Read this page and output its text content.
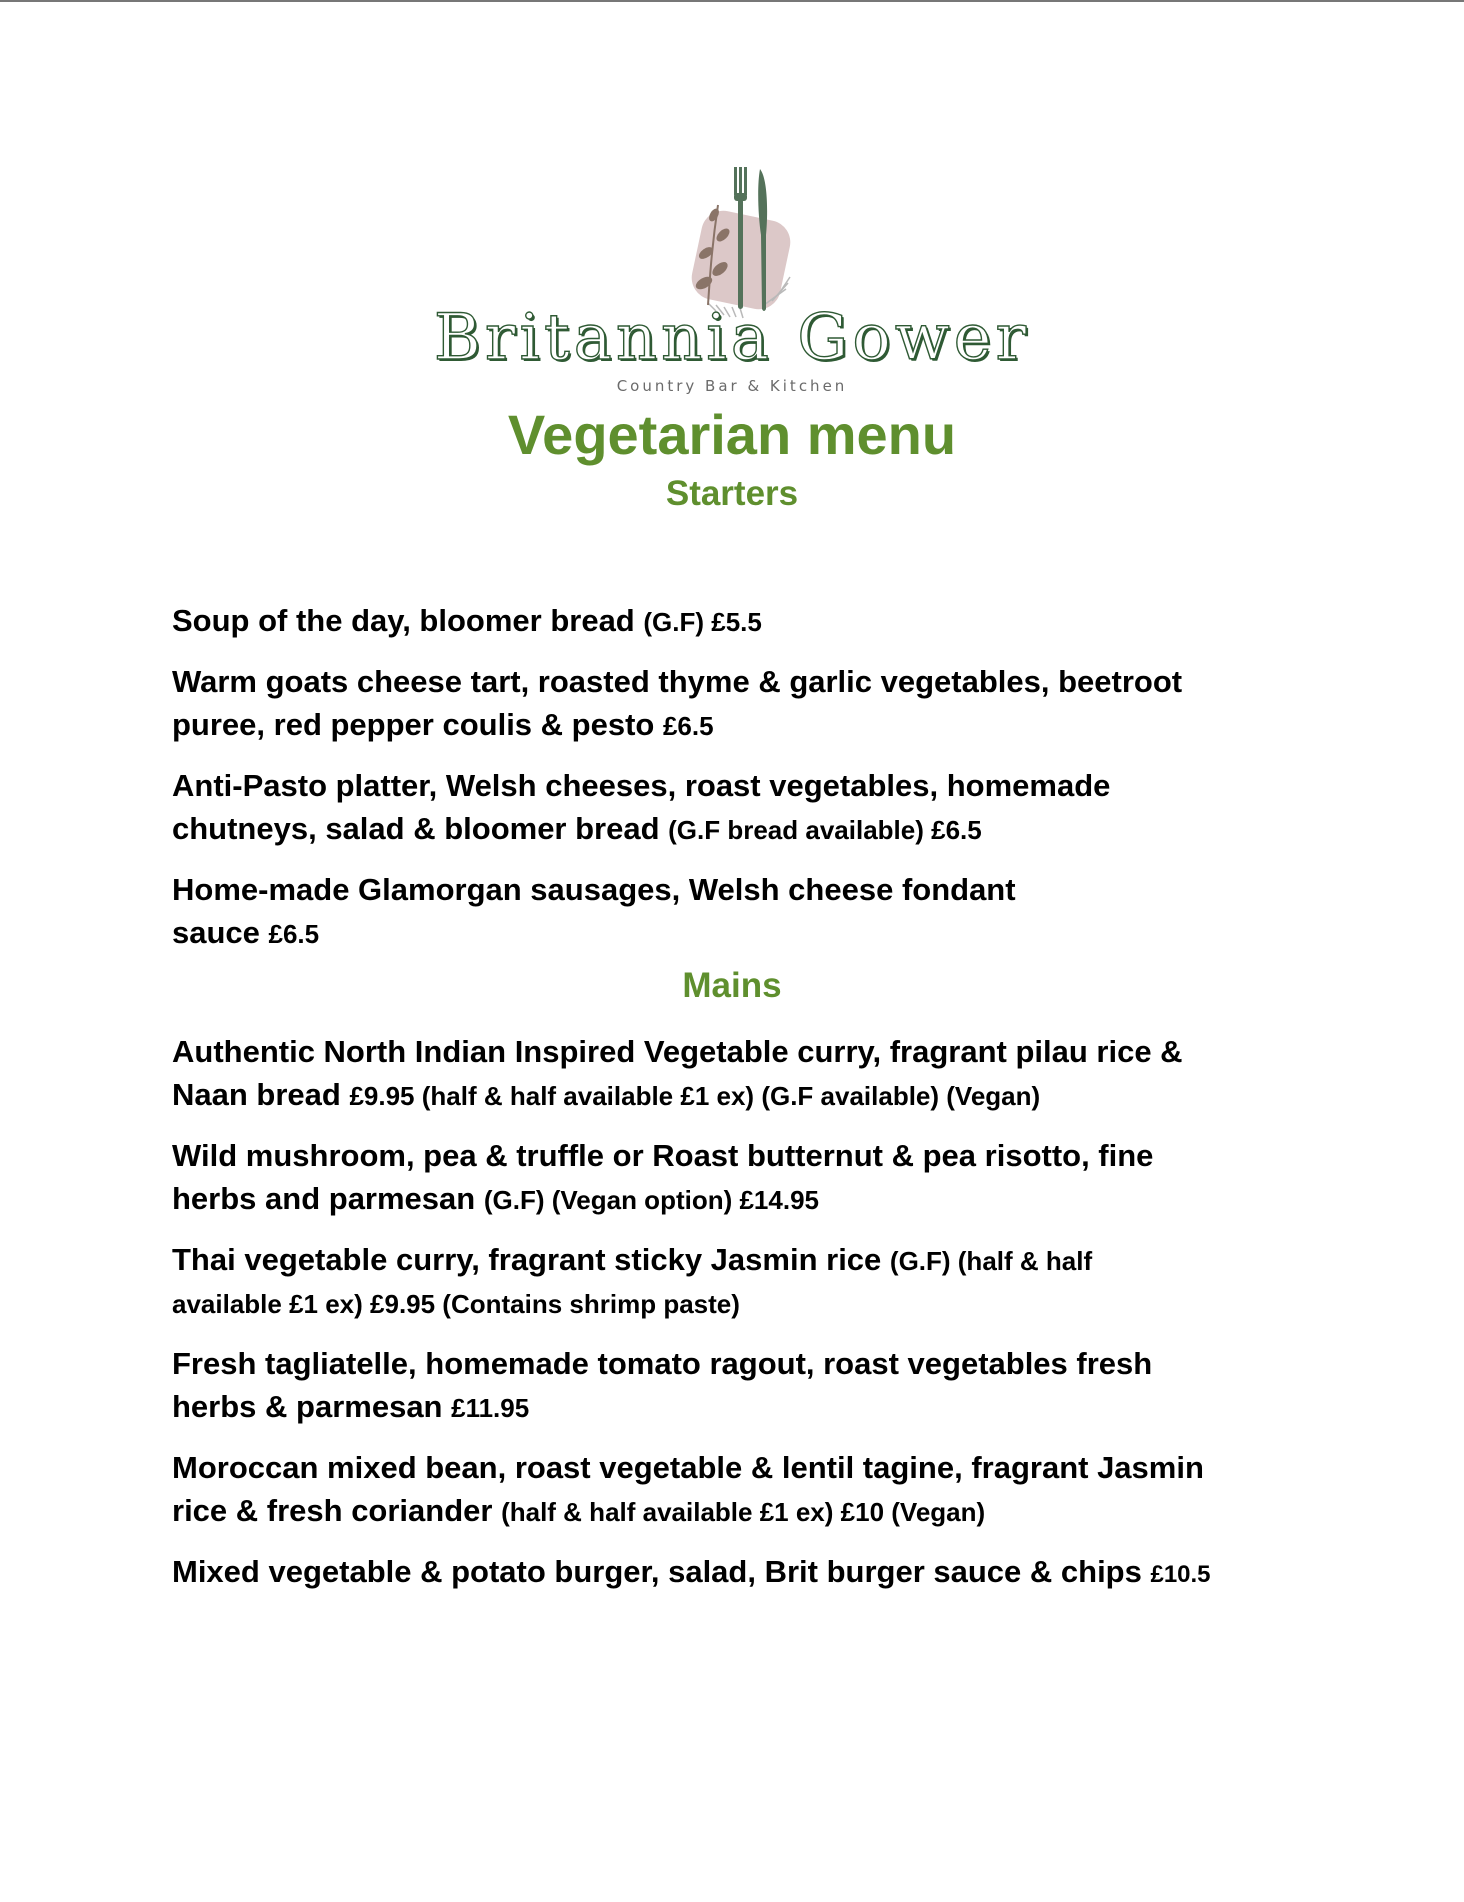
Britannia Gower
Country Bar & Kitchen
Vegetarian menu
Starters

Soup of the day, bloomer bread (G.F) £5.5

Warm goats cheese tart, roasted thyme & garlic vegetables, beetroot
puree, red pepper coulis & pesto £6.5

Anti-Pasto platter, Welsh cheeses, roast vegetables, homemade
chutneys, salad & bloomer bread (G.F bread available) £6.5

Home-made Glamorgan sausages, Welsh cheese fondant
sauce £6.5

Mains

Authentic North Indian Inspired Vegetable curry, fragrant pilau rice &
Naan bread £9.95 (half & half available £1 ex) (G.F available) (Vegan)

Wild mushroom, pea & truffle or Roast butternut & pea risotto, fine
herbs and parmesan (G.F) (Vegan option) £14.95

Thai vegetable curry, fragrant sticky Jasmin rice (G.F) (half & half
available £1 ex) £9.95 (Contains shrimp paste)

Fresh tagliatelle, homemade tomato ragout, roast vegetables fresh
herbs & parmesan £11.95

Moroccan mixed bean, roast vegetable & lentil tagine, fragrant Jasmin
rice & fresh coriander (half & half available £1 ex) £10 (Vegan)

Mixed vegetable & potato burger, salad, Brit burger sauce & chips £10.5
